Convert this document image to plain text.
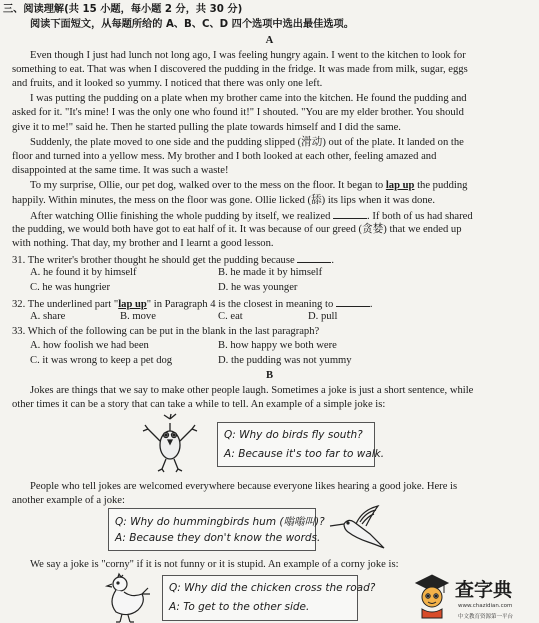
三、阅读理解(共 15 小题，每小题 2 分，共 30 分)
阅读下面短文，从每题所给的 A、B、C、D 四个选项中选出最佳选项。
A
Even though I just had lunch not long ago, I was feeling hungry again. I went to the kitchen to look for
something to eat. That was when I discovered the pudding in the fridge. It was made from milk, sugar, eggs
and fruits, and it looked so yummy. I noticed that there was only one left.
I was putting the pudding on a plate when my brother came into the kitchen. He found the pudding and
asked for it. "It's mine! I was the only one who found it!" I shouted. "You are my elder brother. You should
give it to me!" said he. Then he started pulling the plate towards himself and I did the same.
Suddenly, the plate moved to one side and the pudding slipped (滑动) out of the plate. It landed on the
floor and turned into a yellow mess. My brother and I both looked at each other, feeling amazed and
disappointed at the same time. It was such a waste!
To my surprise, Ollie, our pet dog, walked over to the mess on the floor. It began to lap up the pudding
happily. Within minutes, the mess on the floor was gone. Ollie licked (舔) its lips when it was done.
After watching Ollie finishing the whole pudding by itself, we realized	. If both of us had shared
the pudding, we would both have got to eat half of it. It was because of our greed (贪婪) that we ended up
with nothing. That day, my brother and I learnt a good lesson.
31. The writer's brother thought he should get the pudding because	.
A. he found it by himself	B. he made it by himself
C. he was hungrier	D. he was younger
32. The underlined part "lap up" in Paragraph 4 is the closest in meaning to	.
A. share	B. move	C. eat	D. pull
33. Which of the following can be put in the blank in the last paragraph?
A. how foolish we had been	B. how happy we both were
C. it was wrong to keep a pet dog	D. the pudding was not yummy
B
Jokes are things that we say to make other people laugh. Sometimes a joke is just a short sentence, while
other times it can be a story that can take a while to tell. An example of a simple joke is:
Q: Why do birds fly south?
A: Because it's too far to walk.
People who tell jokes are welcomed everywhere because everyone likes hearing a good joke. Here is
another example of a joke:
Q: Why do hummingbirds hum (嗡嗡叫)?
A: Because they don't know the words.
We say a joke is "corny" if it is not funny or it is stupid. An example of a corny joke is:
Q: Why did the chicken cross the road?
A: To get to the other side.
查字典
www.chazidian.com
中文教育资源第一平台
